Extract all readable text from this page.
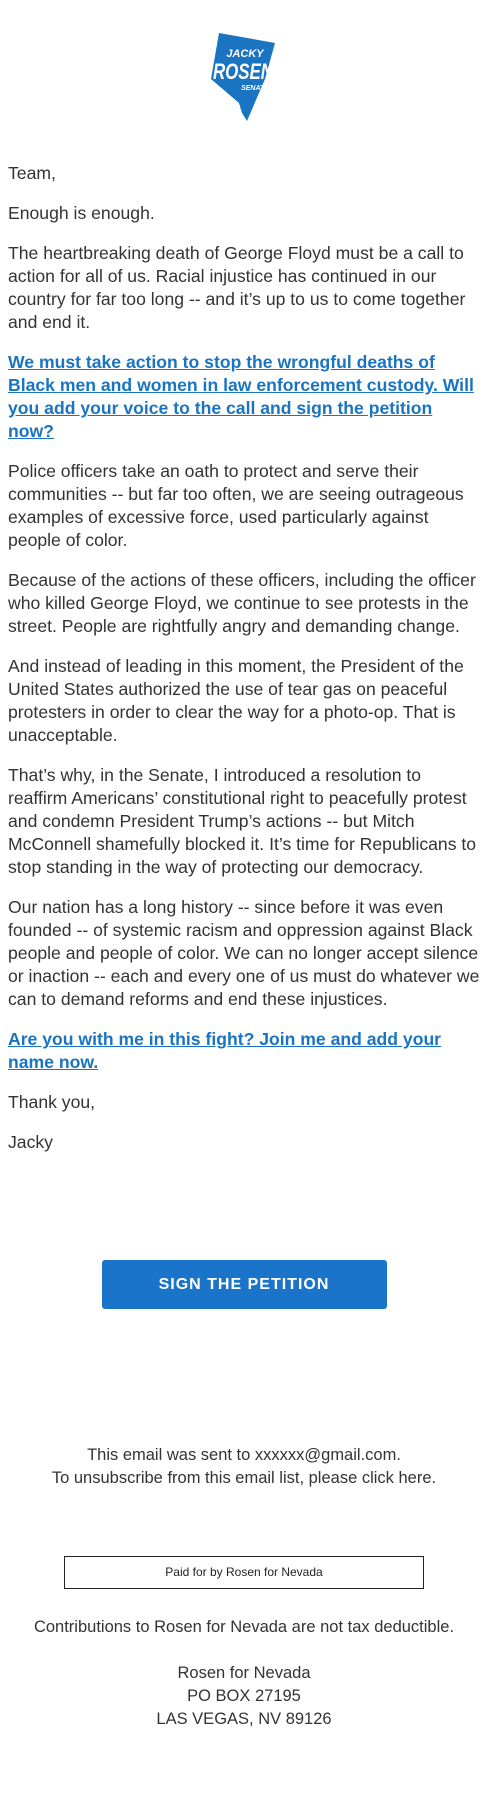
JACKY
ROSEN
SENATE

Team,

Enough is enough.

The heartbreaking death of George Floyd must be a call to action for all of us. Racial injustice has continued in our country for far too long -- and it’s up to us to come together and end it.

We must take action to stop the wrongful deaths of Black men and women in law enforcement custody. Will you add your voice to the call and sign the petition now?

Police officers take an oath to protect and serve their communities -- but far too often, we are seeing outrageous examples of excessive force, used particularly against people of color.

Because of the actions of these officers, including the officer who killed George Floyd, we continue to see protests in the street. People are rightfully angry and demanding change.

And instead of leading in this moment, the President of the United States authorized the use of tear gas on peaceful protesters in order to clear the way for a photo-op. That is unacceptable.

That’s why, in the Senate, I introduced a resolution to reaffirm Americans’ constitutional right to peacefully protest and condemn President Trump’s actions -- but Mitch McConnell shamefully blocked it. It’s time for Republicans to stop standing in the way of protecting our democracy.

Our nation has a long history -- since before it was even founded -- of systemic racism and oppression against Black people and people of color. We can no longer accept silence or inaction -- each and every one of us must do whatever we can to demand reforms and end these injustices.

Are you with me in this fight? Join me and add your name now.

Thank you,

Jacky

SIGN THE PETITION
This email was sent to xxxxxx@gmail.com.
To unsubscribe from this email list, please click here.
Paid for by Rosen for Nevada
Contributions to Rosen for Nevada are not tax deductible.
Rosen for Nevada
PO BOX 27195
LAS VEGAS, NV 89126
